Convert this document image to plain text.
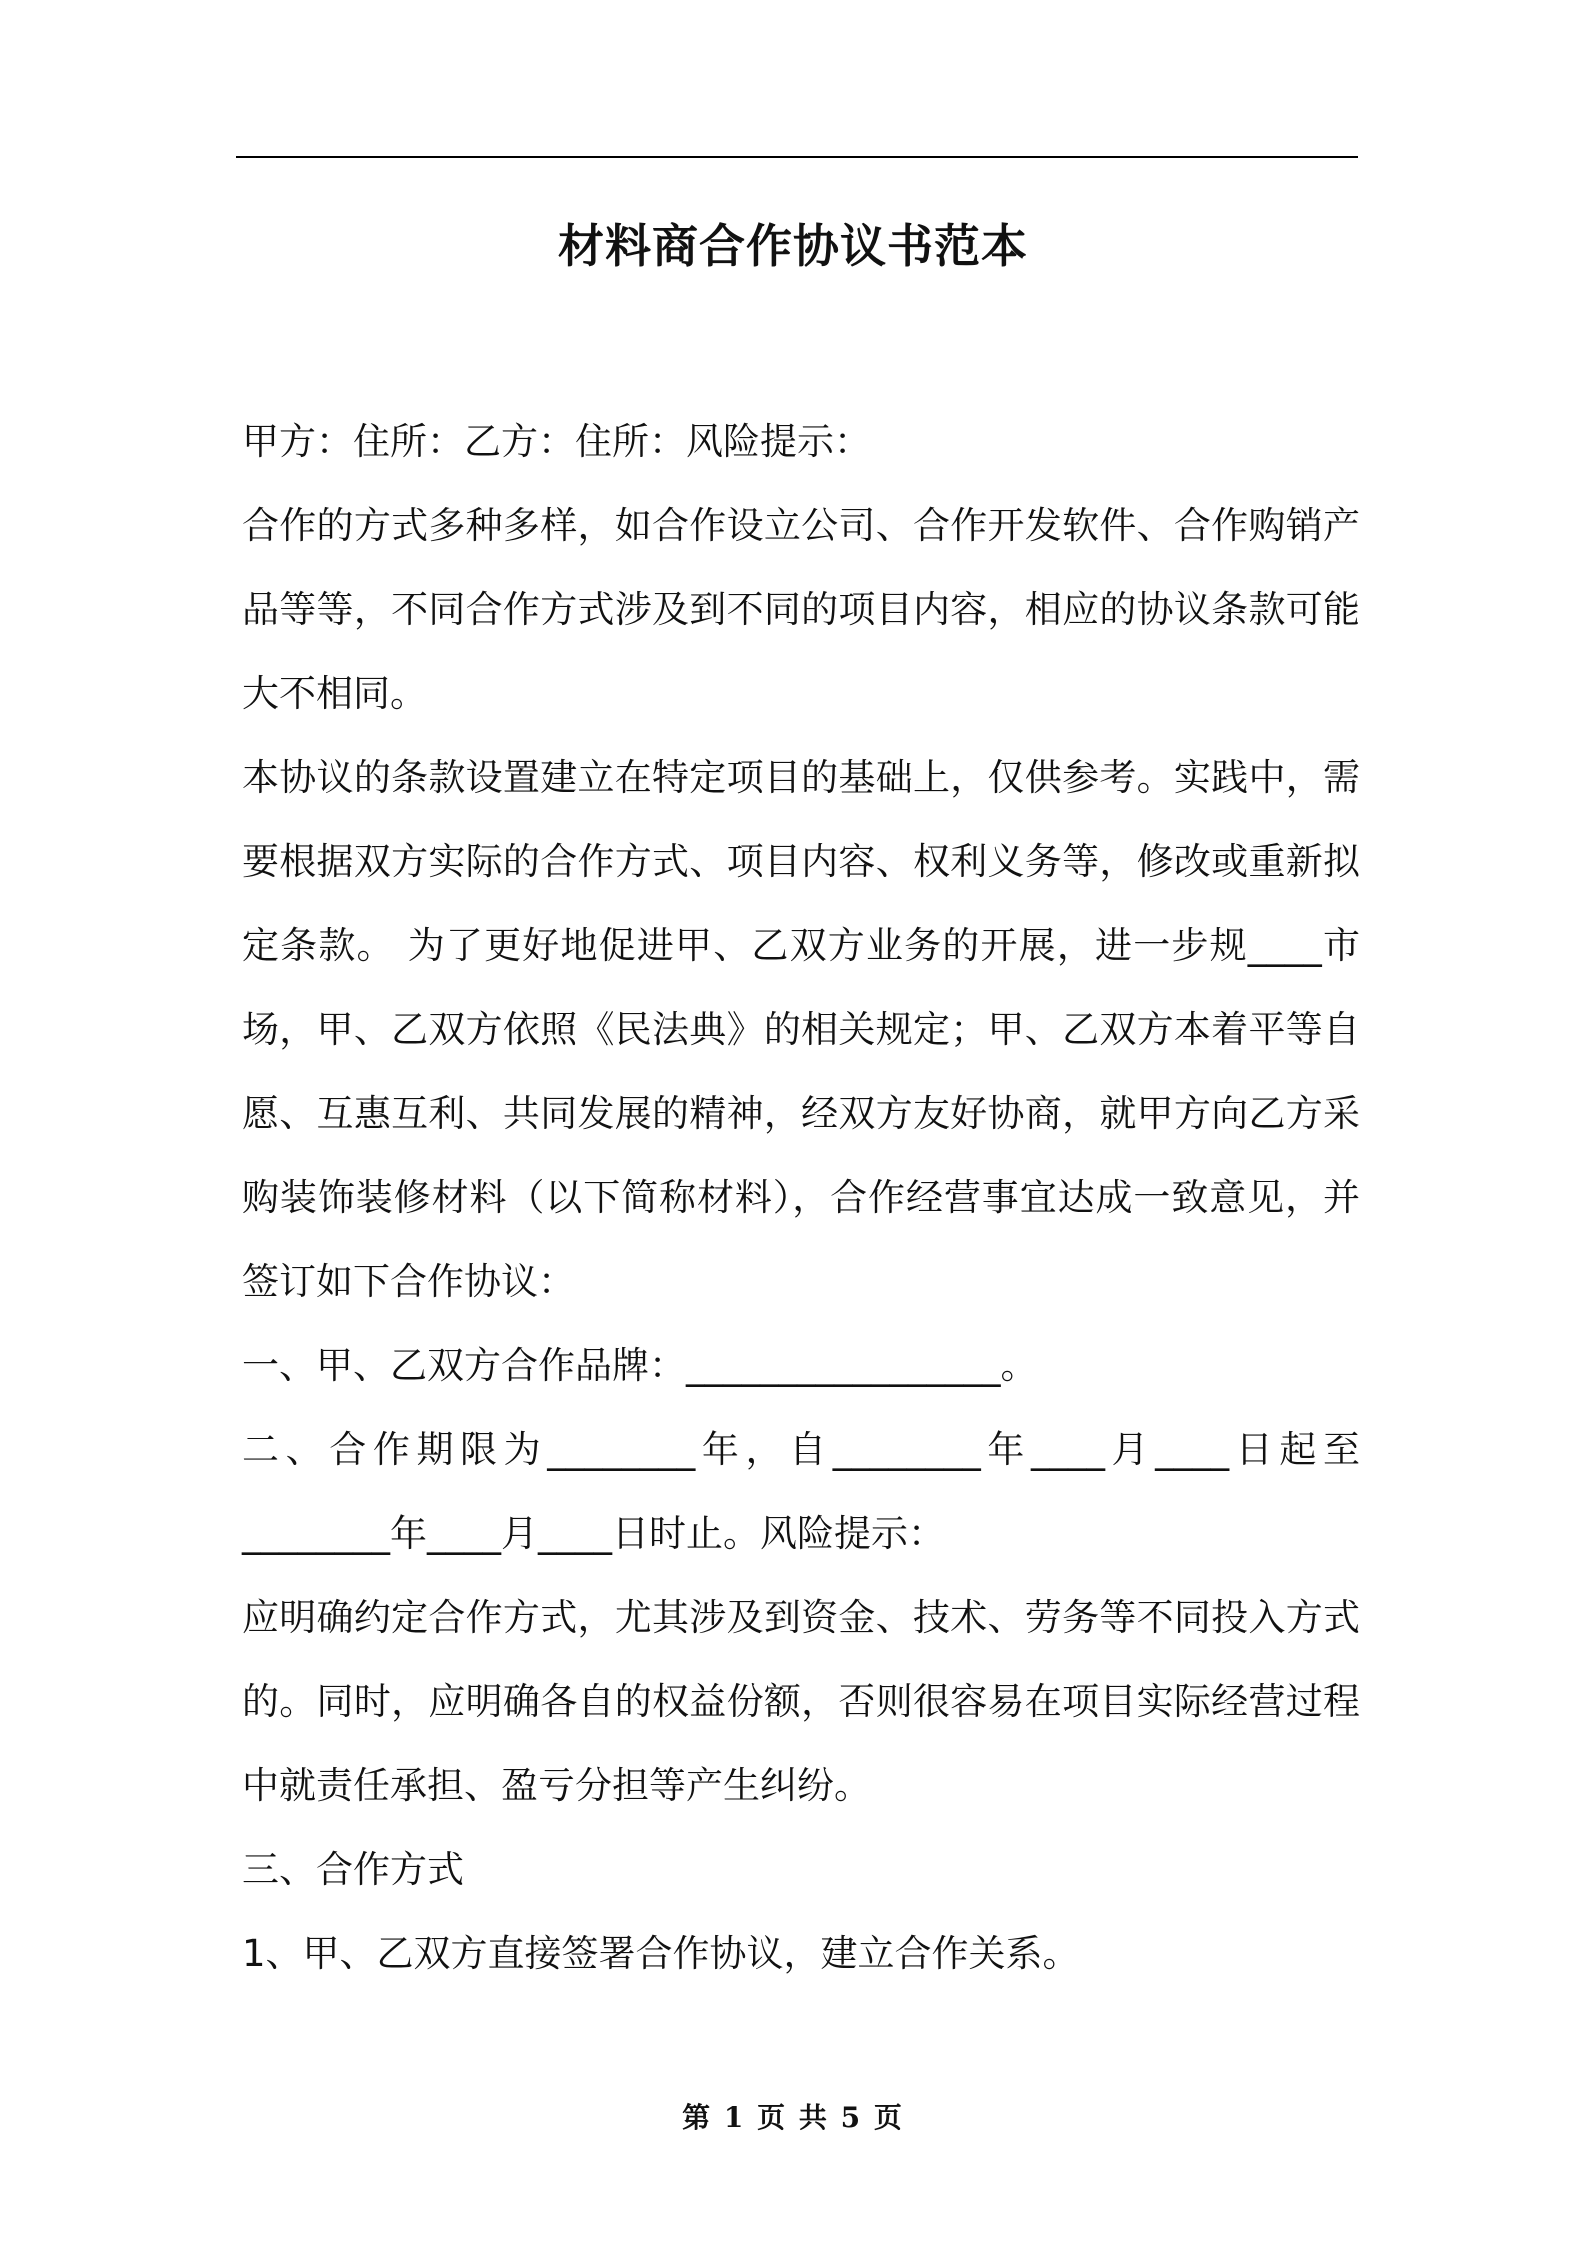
材料商合作协议书范本

甲方：住所：乙方：住所：风险提示：

合作的方式多种多样，如合作设立公司、合作开发软件、合作购销产品等等，不同合作方式涉及到不同的项目内容，相应的协议条款可能大不相同。

本协议的条款设置建立在特定项目的基础上，仅供参考。实践中，需要根据双方实际的合作方式、项目内容、权利义务等，修改或重新拟定条款。 为了更好地促进甲、乙双方业务的开展，进一步规____市场，甲、乙双方依照《民法典》的相关规定；甲、乙双方本着平等自愿、互惠互利、共同发展的精神，经双方友好协商，就甲方向乙方采购装饰装修材料（以下简称材料），合作经营事宜达成一致意见，并签订如下合作协议：

一、甲、乙双方合作品牌：_________________。

二、合作期限为________年，自________年____月____日起至________年____月____日时止。风险提示：

应明确约定合作方式，尤其涉及到资金、技术、劳务等不同投入方式的。同时，应明确各自的权益份额，否则很容易在项目实际经营过程中就责任承担、盈亏分担等产生纠纷。

三、合作方式

1、甲、乙双方直接签署合作协议，建立合作关系。

第 1 页 共 5 页
